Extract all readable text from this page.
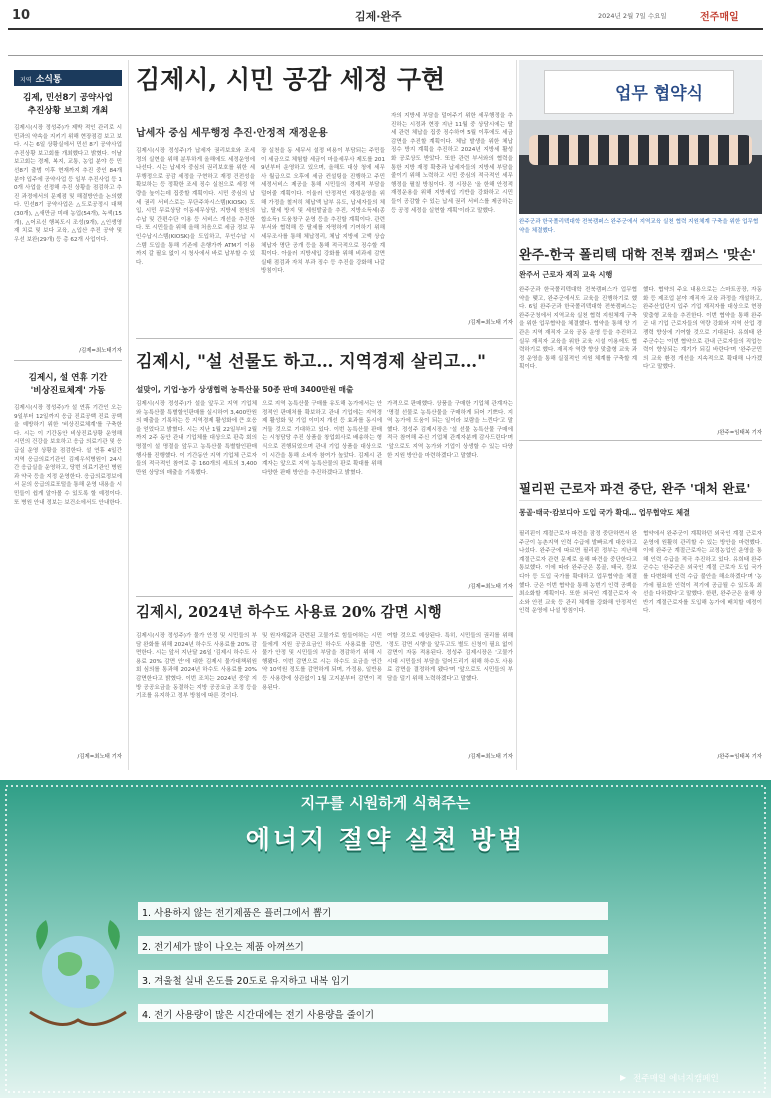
10	김제·완주	2024년 2월 7일 수요일	전주매일
지역 소식통
김제, 민선8기 공약사업
추진상황 보고회 개최
김제시(시장 정성주)가 제박 적인 관리로 시민과의 약속을 지키기 위해 현장점검 보고 보다. 시는 6일 상황실에서 민선 8기 공약사업 추진상황 보고회를 개최했다고 밝혔다. 이날 보고회는 경제, 복지, 교통, 농업 분야 등 민선8기 출범 이후 현재까지 추진 중인 84개 분야 입주에 공약사업 등 일부 추진사업 등 10개 사업을 선정해 추진 상황을 점검하고 추진 과정에서의 문제점 및 해결방안을 논의했다. 민선8기 공약사업은 △도로공정시 대책(30개), △새만금 미래 농업(54개), 녹색(15개), △어르신 행복도시 조성(9개), △인생영재 치료 및 보다 교육, △입산 추진 공약 및 우선 보완(29개) 등 총 62개 사업이다.
/김제=최노태기자
김제시, 설 연휴 기간
'비상진료체계' 가동
김제시(시장 정성주)가 설 연휴 기간인 오는 9일부터 12일까지 응급 진료공백 진료 공백을 예방하기 위한 '비상진료체계'를 구축한다. 시는 이 기간동안 비상진료상황 운영해 시민의 건강을 보호하고 응급 의료기관 및 응급실 운영 상황을 점검한다. 설 연휴 4일간 지역 응급의료기관인 김제우석병원이 24시간 응급실을 운영하고, 당번 의료기관인 병원과 약국 등을 지정 운영한다. 응급의료정보에서 문의 응급의료포털을 통해 운영 내용을 시민들이 쉽게 알아볼 수 있도록 할 예정이다. 또 병원 안내 정보는 보건소에서도 안내한다.
/김제=최노태 기자
김제시, 시민 공감 세정 구현
납세자 중심 세무행정 추진·안정적 재정운용
김제시(시장 정성주)가 납세자 권리보호와 조세정의 실현을 위해 분투하게 올해에도 세정운영에 나선다. 시는 납세자 중심의 권리보호를 위한 세무행정으로 공감 세정을 구현하고 재정 건전성을 확보하는 등 정확한 조세 징수 실천으로 세정 역량을 높이는데 집중할 계획이다. 시민 중심의 납세 권리 서비스로는 무단주차시스템(KIOSK) 도입, 시민 무료상담 이동세무상담, 지방세 천원의 수납 및 간편수단 이용 등 서비스 개선을 추진한다. 또 시민들을 위해 올해 처음으로 세금 정보 무인수납시스템(KIOSK)을 도입하고, 무인수납 시스템 도입을 통해 기존에 은행가까 ATM기 이용까지 갈 필요 없이 시 청사에서 바로 납부할 수 있다.
장 실천을 동 세무서 설정 비용이 부담되는 주민들이 세금으로 체험할 세금이 마을세무사 제도를 2019년부터 운영하고 있으며, 올해도 대상 청에 세무사 월급으로 오후에 세금 컨설팅을 진행하고 주민 세정서비스 제공을 통해 시민들의 경제적 부담을 덜어줄 계획이다. 이울러 안정적인 재정운영을 위해 가정을 철저히 체납액 납부 유도, 납세자들의 체납, 탈세 방지 및 세원발굴을 추진, 지방소득세(종합소득) 도움창구 운영 등을 추진할 계획이다. 관련 부서와 협력해 등 탈세를 자명하게 기여하기 위해 세무조사를 통해 체납정리, 체납 지방세 고액 상습 체납자 명단 공개 등을 통해 적극적으로 징수할 계획이다. 아울러 지방세입 강화를 위해 비과세 감면 실태 점검과 자치 부과 징수 등 추진을 강화해 나갈 방침이다.
자의 지방세 부담을 덜어주기 위한 세무행정을 추진하는 시정과 현장 지난 11월 중 상담시에는 탈세 관련 체납을 집중 징수하여 5월 이후에도 세금 감면을 추진할 계획이다. 체납 발생을 위한 체납 징수 방지 계획을 추진하고 2024년 지방세 활성화 공로상도 받았다. 또한 관련 부서와의 협력을 통한 지방 재정 확충과 납세자들의 지방세 부담을 줄이기 위해 노력하고 시민 중심의 적극적인 세무행정을 펼칠 방침이다. 정 시장은 '올 한해 안정적 재정운용을 위해 지방세입 기반을 강화하고 시민들이 공감할 수 있는 납세 권리 서비스를 제공하는 등 공정 세정을 실현할 계획'이라고 말했다.
/김제=최노태 기자
업무 협약식
완주군과 한국폴리텍대학 전북캠퍼스 완주군에서 지역교육 실천 협력 지원체계 구축을 위한 업무협약을 체결했다.
완주-한국 폴리텍 대학 전북 캠퍼스 '맞손'
완주서 근로자 재직 교육 시행
완주군과 한국폴리텍대학 전북캠퍼스가 업무협약을 맺고, 완주군에서도 교육을 진행하기로 했다. 6일 완주군과 한국폴리텍대학 전북캠퍼스는 완주군청에서 지역교육 실천 협력 지원체계 구축을 위한 업무협약을 체결했다. 협약을 통해 양 기관은 지역 재직자 교육 공동 운영 등을 추진하고 실무 재직자 교육을 위한 교육 시설 이용에도 협력하기로 했다. 재직자 역량 향상 맞춤형 교육 과정 운영을 통해 실질적인 지원 체계를 구축할 계획이다.
했다. 협약의 주요 내용으로는 스마트공장, 자동화 등 제조업 분야 재직자 교육 과정을 개설하고, 완주산업단지 입주 기업 재직자를 대상으로 현장 맞춤형 교육을 추진한다. 이번 협약을 통해 완주군 내 기업 근로자들의 역량 강화와 지역 산업 경쟁력 향상에 기여할 것으로 기대된다. 유희태 완주군수는 '이번 협약으로 관내 근로자들의 직업능력이 향상되는 계기가 되길 바란다'며 '완주군민의 교육 환경 개선을 지속적으로 확대해 나가겠다'고 말했다.
/완주=임태복 기자
김제시, "설 선물도 하고… 지역경제 살리고…"
설맞이, 기업·농가 상생협력 농특산물 50종 판매 3400만원 매출
김제시(시장 정성주)가 설을 앞두고 지역 기업체와 농특산물 특별할인판매를 실시하여 3,400만원의 매출을 기록하는 등 지역경제 활성화에 큰 호응을 얻었다고 밝혔다. 시는 지난 1월 22일부터 2월까지 2주 동안 관내 기업체를 대상으로 판촉 회의 명절이 설 명절을 앞두고 농특산물 특별할인판매 행사를 진행했다. 이 기간동안 지역 기업체 근로자들의 적극적인 참여로 총 160개의 세트의 3,400만원 상당의 매출을 기록했다.
으로 지역 농특산물 구매를 유도해 농가에서는 안정적인 판매처를 확보하고 관내 기업에는 지역경제 활성화 및 기업 이미지 개선 등 효과를 동시에 거둘 것으로 기대하고 있다. 이번 농특산물 판매는 시청담당 추진 상품을 창업회사로 배송하는 형식으로 진행되었으며 관내 기업 상품을 대상으로 이 시간을 통해 소비자 참여가 높았다. 김제시 관계자는 앞으로 지역 농특산물의 판로 확대를 위해 다양한 판매 방안을 추진하겠다고 밝혔다.
가격으로 판매했다. 상품을 구매한 기업체 관계자는 '명절 선물로 농특산물을 구매하게 되어 기쁘다. 지역 농가에 도움이 되는 일이라 보람을 느낀다'고 말했다. 정성주 김제시장은 '설 선물 농특산물 구매에 적극 참여해 주신 기업체 관계자분께 감사드린다'며 '앞으로도 지역 농가와 기업이 상생할 수 있는 다양한 지원 방안을 마련하겠다'고 말했다.
/김제=최노태 기자
김제시, 2024년 하수도 사용료 20% 감면 시행
김제시(시장 정성주)가 물가 안정 및 시민들의 부담 완화를 위해 2024년 하수도 사용료를 20% 감면한다. 시는 앞서 지난달 26일 '김제시 하수도 사용료 20% 감면 안'에 대한 김제시 물가대책위원회 심의를 통과해 2024년 하수도 사용료를 20% 감면한다고 밝혔다. 이번 조치는 2024년 중앙 지방 공공요금을 동결하는 지방 공공요금 조정 등을 기조를 유지하고 정부 방침에 따른 것이다.
및 원자재값과 관련된 고물가로 힘들어하는 시민들에게 지원 공공요금인 하수도 사용료를 감면, 물가 안정 및 시민들의 부담을 경감하기 위해 시행됐다. 이번 감면으로 시는 하수도 요금을 연간 약 10억원 정도를 감면하게 되며, 가정용, 일반용 등 사용량에 상관없이 1월 고지분부터 감면이 적용된다.
여할 것으로 예상된다. 특히, 시민들의 권리를 위해 '정도 감면 시행'을 앞두고도 별도 신청이 필요 없이 감면이 자동 적용된다. 정성주 김제시장은 '고물가 시대 시민들의 부담을 덜어드리기 위해 하수도 사용료 감면을 결정하게 됐다'며 '앞으로도 시민들의 부담을 덜기 위해 노력하겠다'고 말했다.
/김제=최노태 기자
필리핀 근로자 파견 중단, 완주 '대처 완료'
몽골·태국·캄보디아 도입 국가 확대… 업무협약도 체결
필리핀이 계절근로자 파견을 잠정 중단하면서 완주군이 농촌지역 인력 수급에 발빠르게 대응하고 나섰다. 완주군에 따르면 필리핀 정부는 지난해 계절근로자 관련 문제로 올해 파견을 중단한다고 통보했다. 이에 따라 완주군은 몽골, 태국, 캄보디아 등 도입 국가를 확대하고 업무협약을 체결했다. 군은 이번 협약을 통해 농번기 인력 공백을 최소화할 계획이다. 또한 외국인 계절근로자 숙소와 안전 교육 등 관리 체계를 강화해 안정적인 인력 운영에 나설 방침이다.
협약에서 완주군이 계획하던 외국인 계절 근로자 운영에 원활히 관리할 수 있는 방안을 마련했다. 이에 완주군 계절근로자는 교정농업인 운영을 통해 인력 수급을 적극 추진하고 있다. 유희태 완주군수는 '완주군은 외국인 계절 근로자 도입 국가를 다변화해 인력 수급 불안을 해소하겠다'며 '농가에 필요한 인력이 적기에 공급될 수 있도록 최선을 다하겠다'고 말했다. 한편, 완주군은 올해 상반기 계절근로자를 도입해 농가에 배치할 예정이다.
/완주=임태복 기자
지구를 시원하게 식혀주는
에너지 절약 실천 방법
1. 사용하지 않는 전기제품은 플러그에서 뽑기
2. 전기세가 많이 나오는 제품 아껴쓰기
3. 겨울철 실내 온도를 20도로 유지하고 내복 입기
4. 전기 사용량이 많은 시간대에는 전기 사용량을 줄이기
▶ 전주매일 에너지캠페인
